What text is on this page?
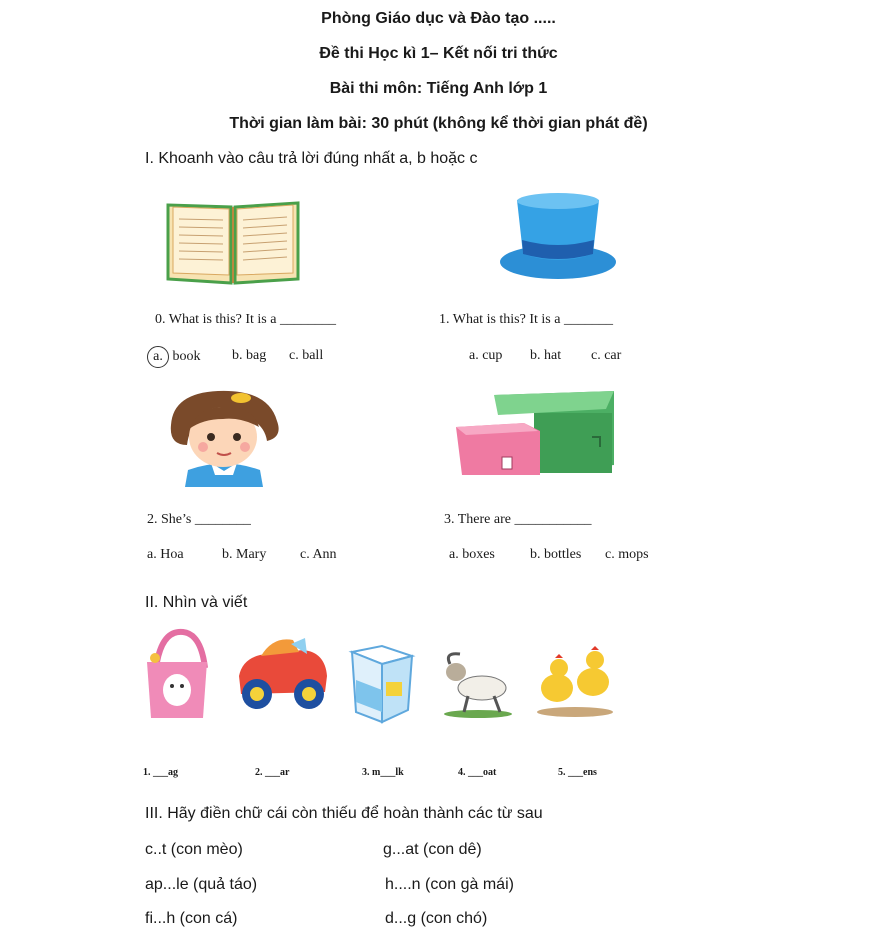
Phòng Giáo dục và Đào tạo .....
Đề thi Học kì 1– Kết nối tri thức
Bài thi môn: Tiếng Anh lớp 1
Thời gian làm bài: 30 phút (không kể thời gian phát đề)
I. Khoanh vào câu trả lời đúng nhất a, b hoặc c
0. What is this? It is a ________
a. book b. bag c. ball
1. What is this? It is a _______
a. cup b. hat c. car
2. She’s ________
a. Hoa	b. Mary c. Ann
3. There are ___________
a. boxes	b. bottles c. mops
II. Nhìn và viết
1. ___ag	2. ___ar	3. m___lk	4. ___oat	5. ___ens
III. Hãy điền chữ cái còn thiếu để hoàn thành các từ sau
c..t (con mèo)	g...at (con dê)
ap...le (quả táo)	h....n (con gà mái)
fi...h (con cá)	d...g (con chó)
